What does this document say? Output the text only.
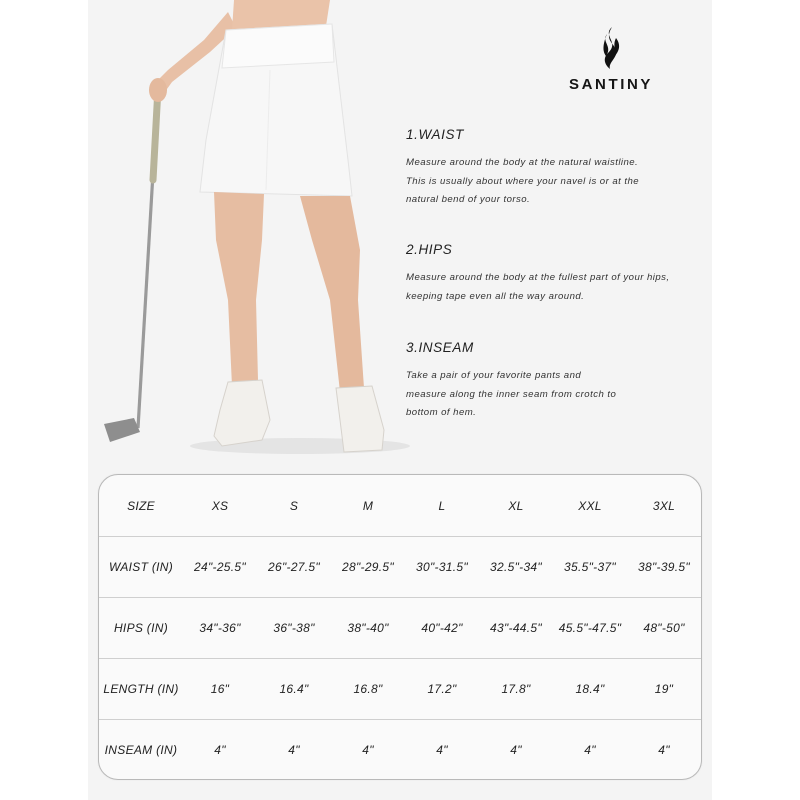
SANTINY
1.WAIST

Measure around the body at the natural waistline.

This is usually about where your navel is or at the

natural bend of your torso.

2.HIPS

Measure around the body at the fullest part of your hips,

keeping tape even all the way around.

3.INSEAM

Take a pair of your favorite pants and

measure along the inner seam from crotch to

bottom of hem.

SIZE	XS	S	M	L	XL	XXL	3XL
WAIST (IN)	24"-25.5"	26"-27.5"	28"-29.5"	30"-31.5"	32.5"-34"	35.5"-37"	38"-39.5"
HIPS (IN)	34"-36"	36"-38"	38"-40"	40"-42"	43"-44.5"	45.5"-47.5"	48"-50"
LENGTH (IN)	16"	16.4"	16.8"	17.2"	17.8"	18.4"	19"
INSEAM (IN)	4"	4"	4"	4"	4"	4"	4"
